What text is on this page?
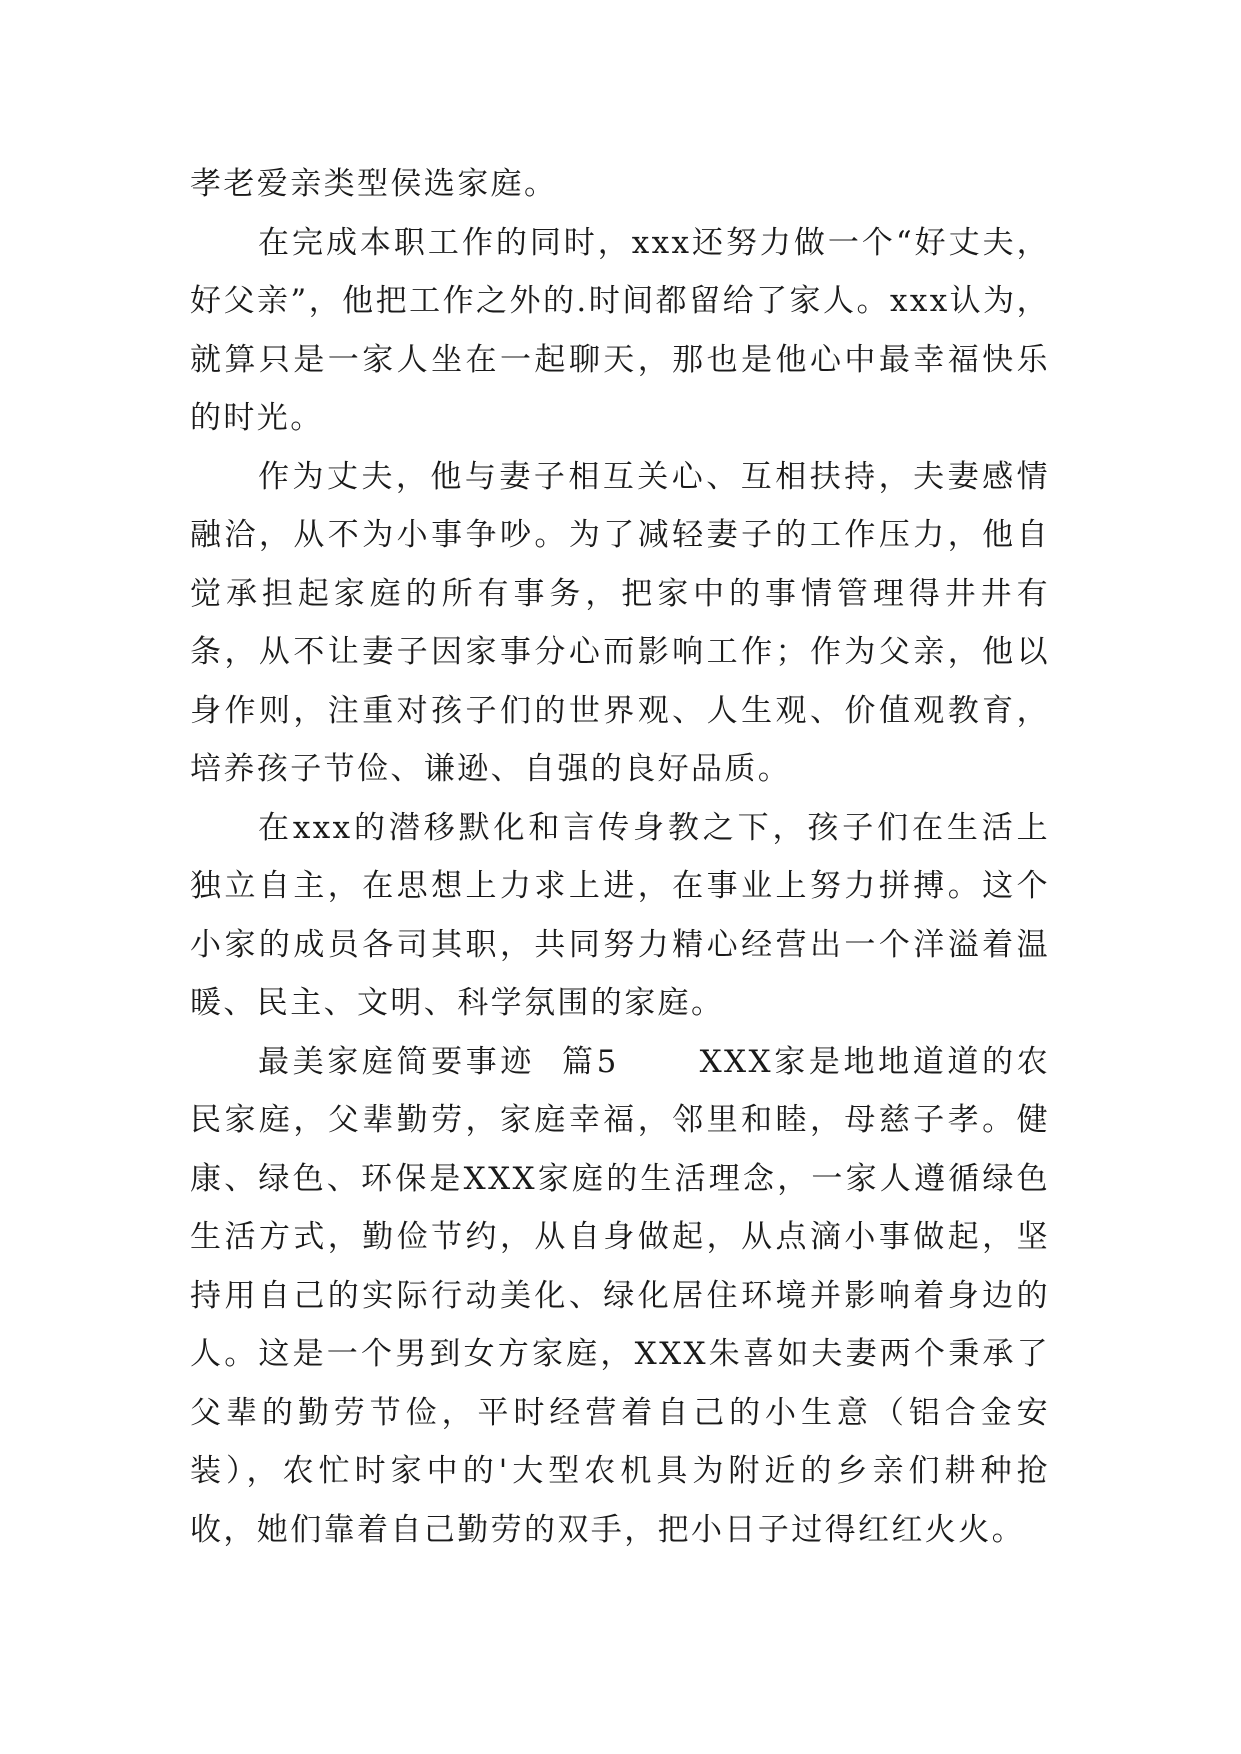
孝老爱亲类型侯选家庭。

在完成本职工作的同时，xxx还努力做一个“好丈夫，好父亲”，他把工作之外的.时间都留给了家人。xxx认为，就算只是一家人坐在一起聊天，那也是他心中最幸福快乐的时光。

作为丈夫，他与妻子相互关心、互相扶持，夫妻感情融洽，从不为小事争吵。为了减轻妻子的工作压力，他自觉承担起家庭的所有事务，把家中的事情管理得井井有条，从不让妻子因家事分心而影响工作；作为父亲，他以身作则，注重对孩子们的世界观、人生观、价值观教育，培养孩子节俭、谦逊、自强的良好品质。

在xxx的潜移默化和言传身教之下，孩子们在生活上独立自主，在思想上力求上进，在事业上努力拼搏。这个小家的成员各司其职，共同努力精心经营出一个洋溢着温暖、民主、文明、科学氛围的家庭。

最美家庭简要事迹  篇5      XXX家是地地道道的农民家庭，父辈勤劳，家庭幸福，邻里和睦，母慈子孝。健康、绿色、环保是XXX家庭的生活理念，一家人遵循绿色生活方式，勤俭节约，从自身做起，从点滴小事做起，坚持用自己的实际行动美化、绿化居住环境并影响着身边的人。这是一个男到女方家庭，XXX朱喜如夫妻两个秉承了父辈的勤劳节俭，平时经营着自己的小生意（铝合金安装），农忙时家中的'大型农机具为附近的乡亲们耕种抢收，她们靠着自己勤劳的双手，把小日子过得红红火火。
